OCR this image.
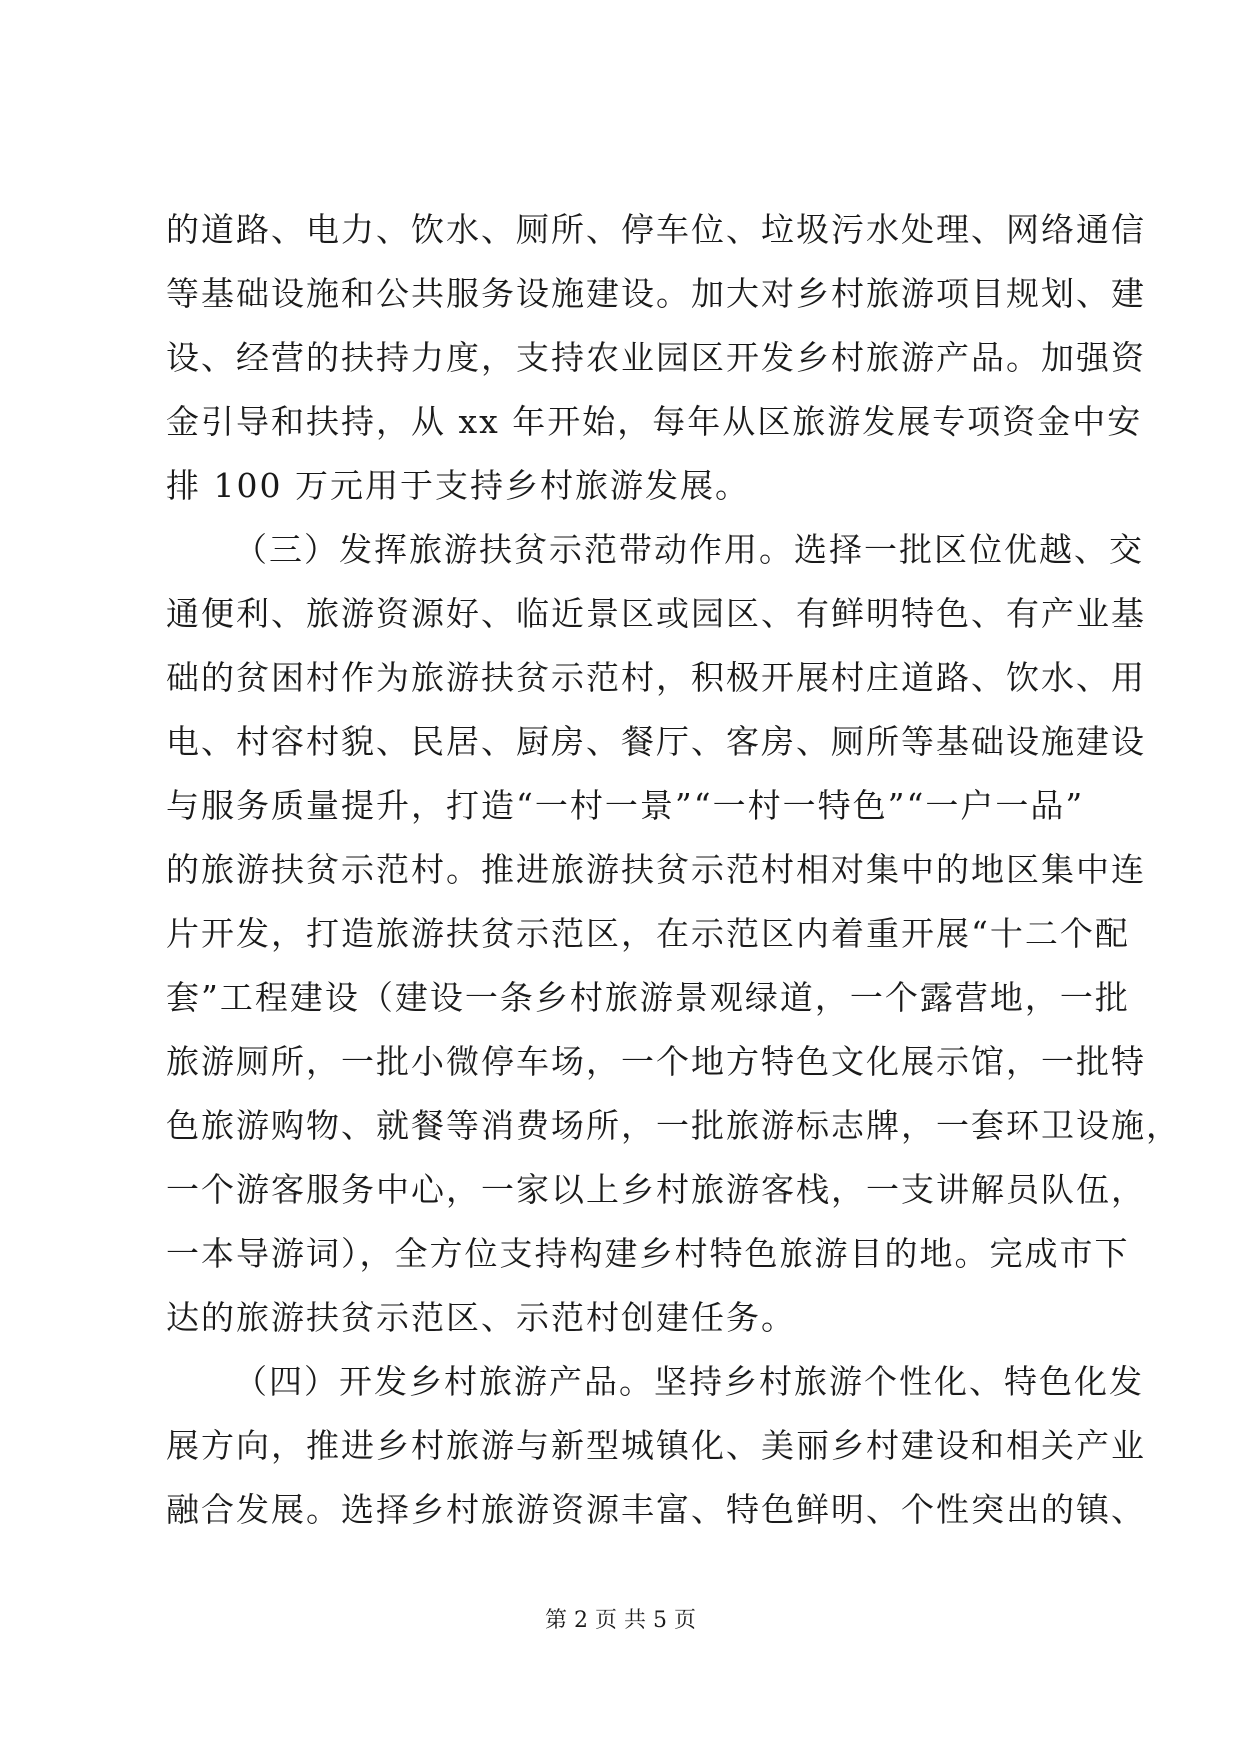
的道路、电力、饮水、厕所、停车位、垃圾污水处理、网络通信
等基础设施和公共服务设施建设。加大对乡村旅游项目规划、建
设、经营的扶持力度，支持农业园区开发乡村旅游产品。加强资
金引导和扶持，从 xx 年开始，每年从区旅游发展专项资金中安
排 100 万元用于支持乡村旅游发展。
（三）发挥旅游扶贫示范带动作用。选择一批区位优越、交
通便利、旅游资源好、临近景区或园区、有鲜明特色、有产业基
础的贫困村作为旅游扶贫示范村，积极开展村庄道路、饮水、用
电、村容村貌、民居、厨房、餐厅、客房、厕所等基础设施建设
与服务质量提升，打造“一村一景”“一村一特色”“一户一品”
的旅游扶贫示范村。推进旅游扶贫示范村相对集中的地区集中连
片开发，打造旅游扶贫示范区，在示范区内着重开展“十二个配
套”工程建设（建设一条乡村旅游景观绿道，一个露营地，一批
旅游厕所，一批小微停车场，一个地方特色文化展示馆，一批特
色旅游购物、就餐等消费场所，一批旅游标志牌，一套环卫设施，
一个游客服务中心，一家以上乡村旅游客栈，一支讲解员队伍，
一本导游词），全方位支持构建乡村特色旅游目的地。完成市下
达的旅游扶贫示范区、示范村创建任务。
（四）开发乡村旅游产品。坚持乡村旅游个性化、特色化发
展方向，推进乡村旅游与新型城镇化、美丽乡村建设和相关产业
融合发展。选择乡村旅游资源丰富、特色鲜明、个性突出的镇、
第 2 页 共 5 页
